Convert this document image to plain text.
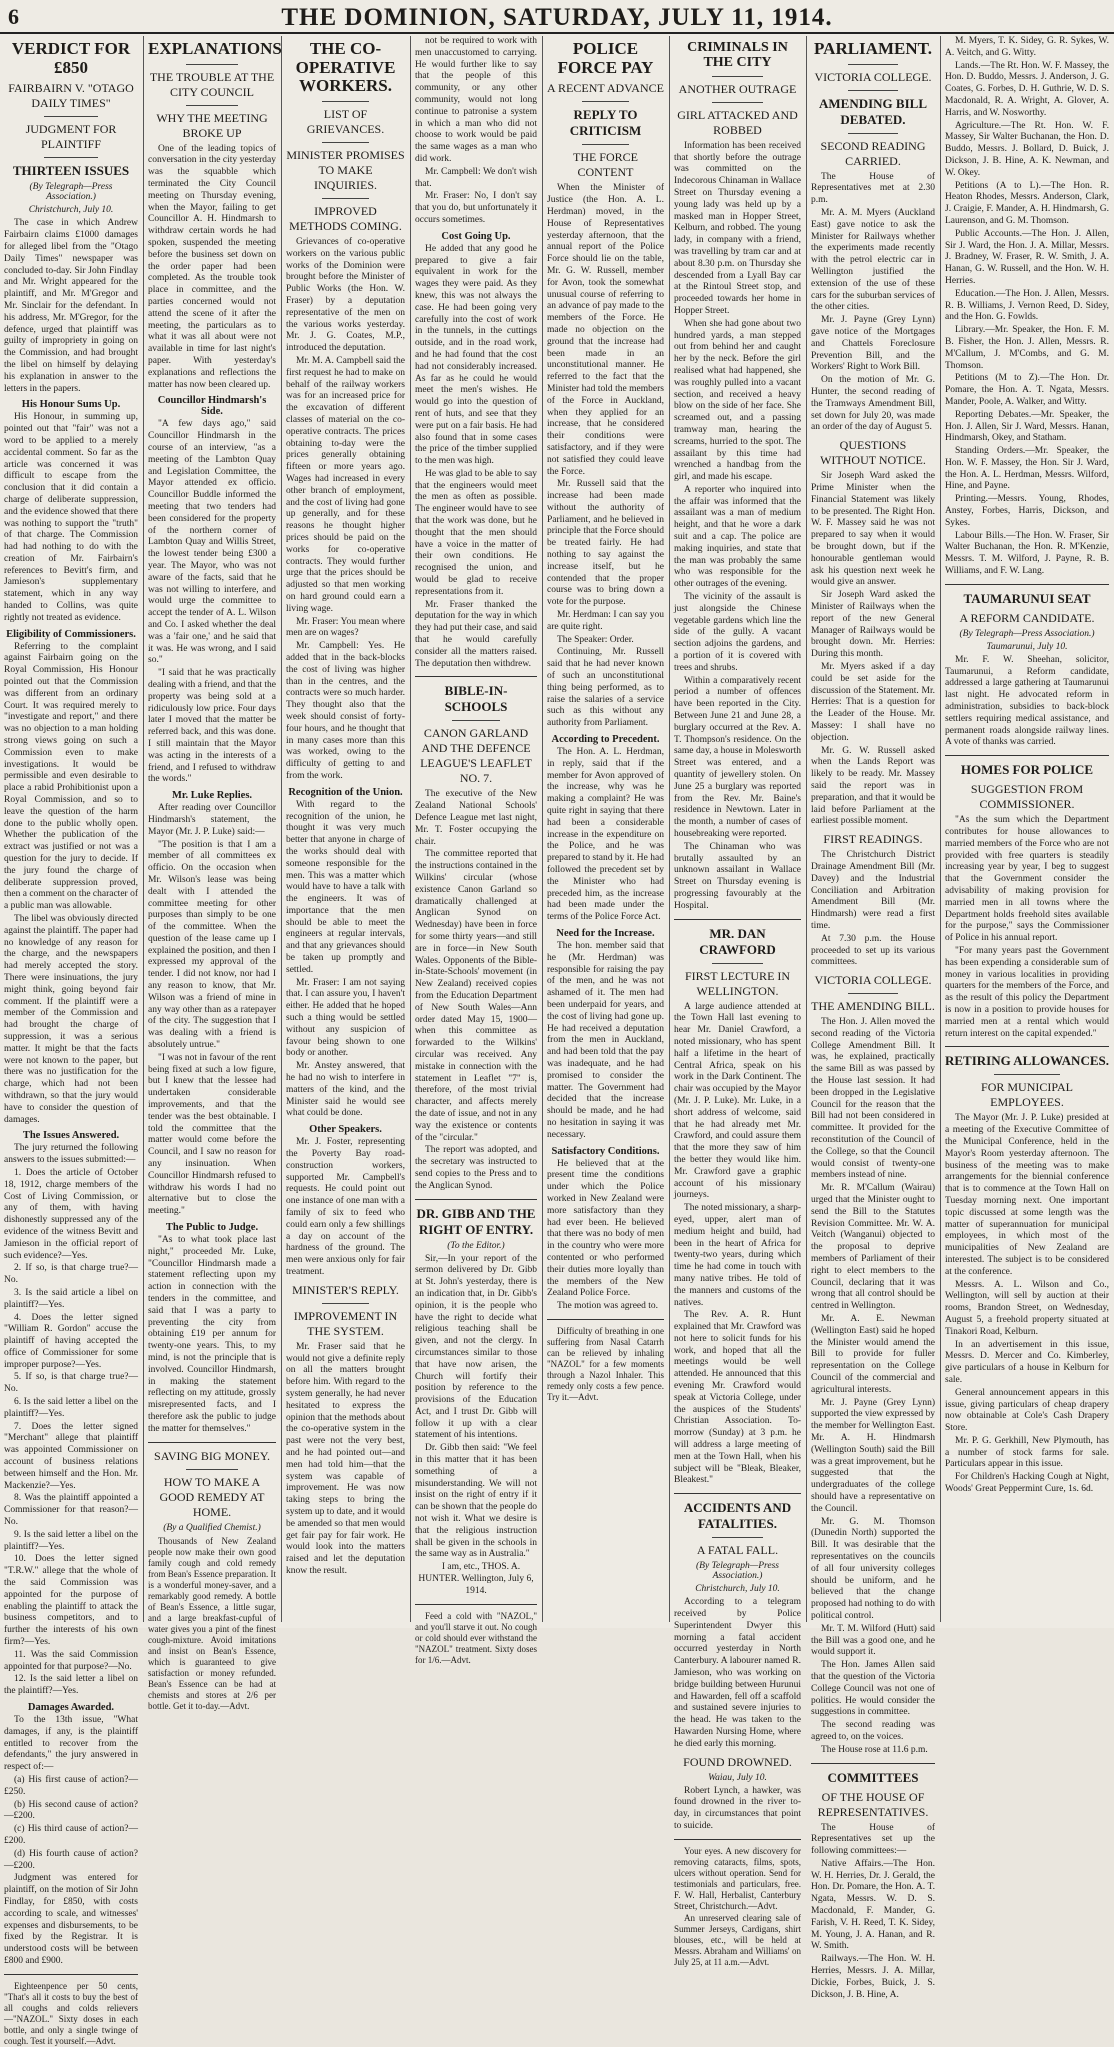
6	THE DOMINION, SATURDAY, JULY 11, 1914.
VERDICT FOR £850
FAIRBAIRN V. "OTAGO DAILY TIMES"
JUDGMENT FOR PLAINTIFF
THIRTEEN ISSUES
(By Telegraph—Press Association.)
Christchurch, July 10.

The case in which Andrew Fairbairn claims £1000 damages for alleged libel from the "Otago Daily Times" newspaper was concluded to-day. Sir John Findlay and Mr. Wright appeared for the plaintiff, and Mr. M'Gregor and Mr. Sinclair for the defendant. In his address, Mr. M'Gregor, for the defence, urged that plaintiff was guilty of impropriety in going on the Commission, and had brought the libel on himself by delaying his explanation in answer to the letters in the papers.

His Honour Sums Up.

His Honour, in summing up, pointed out that "fair" was not a word to be applied to a merely accidental comment. So far as the article was concerned it was difficult to escape from the conclusion that it did contain a charge of deliberate suppression, and the evidence showed that there was nothing to support the "truth" of that charge. The Commission had had nothing to do with the creation of Mr. Fairbairn's references to Bevitt's firm, and Jamieson's supplementary statement, which in any way handed to Collins, was quite rightly not treated as evidence.

Eligibility of Commissioners.

Referring to the complaint against Fairbairn going on the Royal Commission, His Honour pointed out that the Commission was different from an ordinary Court. It was required merely to "investigate and report," and there was no objection to a man holding strong views going on such a Commission even to make investigations. It would be permissible and even desirable to place a rabid Prohibitionist upon a Royal Commission, and so to leave the question of the harm done to the public wholly open. Whether the publication of the extract was justified or not was a question for the jury to decide. If the jury found the charge of deliberate suppression proved, then a comment on the character of a public man was allowable.

The libel was obviously directed against the plaintiff. The paper had no knowledge of any reason for the charge, and the newspapers had merely accepted the story. There were insinuations, the jury might think, going beyond fair comment. If the plaintiff were a member of the Commission and had brought the charge of suppression, it was a serious matter. It might be that the facts were not known to the paper, but there was no justification for the charge, which had not been withdrawn, so that the jury would have to consider the question of damages.

The Issues Answered.

The jury returned the following answers to the issues submitted:—

1. Does the article of October 18, 1912, charge members of the Cost of Living Commission, or any of them, with having dishonestly suppressed any of the evidence of the witness Bevitt and Jamieson in the official report of such evidence?—Yes.

2. If so, is that charge true?—No.

3. Is the said article a libel on plaintiff?—Yes.

4. Does the letter signed "William R. Gordon" accuse the plaintiff of having accepted the office of Commissioner for some improper purpose?—Yes.

5. If so, is that charge true?—No.

6. Is the said letter a libel on the plaintiff?—Yes.

7. Does the letter signed "Merchant" allege that plaintiff was appointed Commissioner on account of business relations between himself and the Hon. Mr. Mackenzie?—Yes.

8. Was the plaintiff appointed a Commissioner for that reason?—No.

9. Is the said letter a libel on the plaintiff?—Yes.

10. Does the letter signed "T.R.W." allege that the whole of the said Commission was appointed for the purpose of enabling the plaintiff to attack the business competitors, and to further the interests of his own firm?—Yes.

11. Was the said Commission appointed for that purpose?—No.

12. Is the said letter a libel on the plaintiff?—Yes.

Damages Awarded.

To the 13th issue, "What damages, if any, is the plaintiff entitled to recover from the defendants," the jury answered in respect of:—

(a) His first cause of action?—£250.

(b) His second cause of action?—£200.

(c) His third cause of action?—£200.

(d) His fourth cause of action?—£200.

Judgment was entered for plaintiff, on the motion of Sir John Findlay, for £850, with costs according to scale, and witnesses' expenses and disbursements, to be fixed by the Registrar. It is understood costs will be between £800 and £900.

Eighteenpence per 50 cents, "That's all it costs to buy the best of all coughs and colds relievers—"NAZOL." Sixty doses in each bottle, and only a single twinge of cough. Test it yourself.—Advt.

EXPLANATIONS
THE TROUBLE AT THE CITY COUNCIL
WHY THE MEETING BROKE UP

One of the leading topics of conversation in the city yesterday was the squabble which terminated the City Council meeting on Thursday evening, when the Mayor, failing to get Councillor A. H. Hindmarsh to withdraw certain words he had spoken, suspended the meeting before the business set down on the order paper had been completed. As the trouble took place in committee, and the parties concerned would not attend the scene of it after the meeting, the particulars as to what it was all about were not available in time for last night's paper. With yesterday's explanations and reflections the matter has now been cleared up.

Councillor Hindmarsh's Side.

"A few days ago," said Councillor Hindmarsh in the course of an interview, "as a meeting of the Lambton Quay and Legislation Committee, the Mayor attended ex officio. Councillor Buddle informed the meeting that two tenders had been considered for the property of the northern corner of Lambton Quay and Willis Street, the lowest tender being £300 a year. The Mayor, who was not aware of the facts, said that he was not willing to interfere, and would urge the committee to accept the tender of A. L. Wilson and Co. I asked whether the deal was a 'fair one,' and he said that it was. He was wrong, and I said so."

"I said that he was practically dealing with a friend, and that the property was being sold at a ridiculously low price. Four days later I moved that the matter be referred back, and this was done. I still maintain that the Mayor was acting in the interests of a friend, and I refused to withdraw the words."

Mr. Luke Replies.

After reading over Councillor Hindmarsh's statement, the Mayor (Mr. J. P. Luke) said:—

"The position is that I am a member of all committees ex officio. On the occasion when Mr. Wilson's lease was being dealt with I attended the committee meeting for other purposes than simply to be one of the committee. When the question of the lease came up I explained the position, and then I expressed my approval of the tender. I did not know, nor had I any reason to know, that Mr. Wilson was a friend of mine in any way other than as a ratepayer of the city. The suggestion that I was dealing with a friend is absolutely untrue."

"I was not in favour of the rent being fixed at such a low figure, but I knew that the lessee had undertaken considerable improvements, and that the tender was the best obtainable. I told the committee that the matter would come before the Council, and I saw no reason for any insinuation. When Councillor Hindmarsh refused to withdraw his words I had no alternative but to close the meeting."

The Public to Judge.

"As to what took place last night," proceeded Mr. Luke, "Councillor Hindmarsh made a statement reflecting upon my action in connection with the tenders in the committee, and said that I was a party to preventing the city from obtaining £19 per annum for twenty-one years. This, to my mind, is not the principle that is involved. Councillor Hindmarsh, in making the statement reflecting on my attitude, grossly misrepresented facts, and I therefore ask the public to judge the matter for themselves."

SAVING BIG MONEY.
HOW TO MAKE A GOOD REMEDY AT HOME.
(By a Qualified Chemist.)

Thousands of New Zealand people now make their own good family cough and cold remedy from Bean's Essence preparation. It is a wonderful money-saver, and a remarkably good remedy. A bottle of Bean's Essence, a little sugar, and a large breakfast-cupful of water gives you a pint of the finest cough-mixture. Avoid imitations and insist on Bean's Essence, which is guaranteed to give satisfaction or money refunded. Bean's Essence can be had at chemists and stores at 2/6 per bottle. Get it to-day.—Advt.

THE CO-OPERATIVE WORKERS.
LIST OF GRIEVANCES.
MINISTER PROMISES TO MAKE INQUIRIES.
IMPROVED METHODS COMING.

Grievances of co-operative workers on the various public works of the Dominion were brought before the Minister of Public Works (the Hon. W. Fraser) by a deputation representative of the men on the various works yesterday. Mr. J. G. Coates, M.P., introduced the deputation.

Mr. M. A. Campbell said the first request he had to make on behalf of the railway workers was for an increased price for the excavation of different classes of material on the co-operative contracts. The prices obtaining to-day were the prices generally obtaining fifteen or more years ago. Wages had increased in every other branch of employment, and the cost of living had gone up generally, and for these reasons he thought higher prices should be paid on the works for co-operative contracts. They would further urge that the prices should be adjusted so that men working on hard ground could earn a living wage.

Mr. Fraser: You mean where men are on wages?

Mr. Campbell: Yes. He added that in the back-blocks the cost of living was higher than in the centres, and the contracts were so much harder. They thought also that the week should consist of forty-four hours, and he thought that in many cases more than this was worked, owing to the difficulty of getting to and from the work.

Recognition of the Union.

With regard to the recognition of the union, he thought it was very much better that anyone in charge of the works should deal with someone responsible for the men. This was a matter which would have to have a talk with the engineers. It was of importance that the men should be able to meet the engineers at regular intervals, and that any grievances should be taken up promptly and settled.

Mr. Fraser: I am not saying that. I can assure you, I haven't either. He added that he hoped such a thing would be settled without any suspicion of favour being shown to one body or another.

Mr. Anstey answered, that he had no wish to interfere in matters of the kind, and the Minister said he would see what could be done.

Other Speakers.

Mr. J. Foster, representing the Poverty Bay road-construction workers, supported Mr. Campbell's requests. He could point out one instance of one man with a family of six to feed who could earn only a few shillings a day on account of the hardness of the ground. The men were anxious only for fair treatment.

MINISTER'S REPLY.
IMPROVEMENT IN THE SYSTEM.

Mr. Fraser said that he would not give a definite reply on all the matters brought before him. With regard to the system generally, he had never hesitated to express the opinion that the methods about the co-operative system in the past were not the very best, and he had pointed out—and men had told him—that the system was capable of improvement. He was now taking steps to bring the system up to date, and it would be amended so that men would get fair pay for fair work. He would look into the matters raised and let the deputation know the result.

not be required to work with men unaccustomed to carrying. He would further like to say that the people of this community, or any other community, would not long continue to patronise a system in which a man who did not choose to work would be paid the same wages as a man who did work.

Mr. Campbell: We don't wish that.

Mr. Fraser: No, I don't say that you do, but unfortunately it occurs sometimes.

Cost Going Up.

He added that any good he prepared to give a fair equivalent in work for the wages they were paid. As they knew, this was not always the case. He had been going very carefully into the cost of work in the tunnels, in the cuttings outside, and in the road work, and he had found that the cost had not considerably increased. As far as he could he would meet the men's wishes. He would go into the question of rent of huts, and see that they were put on a fair basis. He had also found that in some cases the price of the timber supplied to the men was high.

He was glad to be able to say that the engineers would meet the men as often as possible. The engineer would have to see that the work was done, but he thought that the men should have a voice in the matter of their own conditions. He recognised the union, and would be glad to receive representations from it.

Mr. Fraser thanked the deputation for the way in which they had put their case, and said that he would carefully consider all the matters raised. The deputation then withdrew.

BIBLE-IN-SCHOOLS
CANON GARLAND AND THE DEFENCE LEAGUE'S LEAFLET NO. 7.

The executive of the New Zealand National Schools' Defence League met last night, Mr. T. Foster occupying the chair.

The committee reported that the instructions contained in the Wilkins' circular (whose existence Canon Garland so dramatically challenged at Anglican Synod on Wednesday) have been in force for some thirty years—and still are in force—in New South Wales. Opponents of the Bible-in-State-Schools' movement (in New Zealand) received copies from the Education Department of New South Wales—Ann order dated May 15, 1900—when this committee as forwarded to the Wilkins' circular was received. Any mistake in connection with the statement in Leaflet "7" is, therefore, of the most trivial character, and affects merely the date of issue, and not in any way the existence or contents of the "circular."

The report was adopted, and the secretary was instructed to send copies to the Press and to the Anglican Synod.

DR. GIBB AND THE RIGHT OF ENTRY.
(To the Editor.)

Sir,—In your report of the sermon delivered by Dr. Gibb at St. John's yesterday, there is an indication that, in Dr. Gibb's opinion, it is the people who have the right to decide what religious teaching shall be given, and not the clergy. In circumstances similar to those that have now arisen, the Church will fortify their position by reference to the provisions of the Education Act, and I trust Dr. Gibb will follow it up with a clear statement of his intentions.

Dr. Gibb then said: "We feel in this matter that it has been something of a misunderstanding. We will not insist on the right of entry if it can be shown that the people do not wish it. What we desire is that the religious instruction shall be given in the schools in the same way as in Australia."

I am, etc., THOS. A. HUNTER. Wellington, July 6, 1914.

Feed a cold with "NAZOL," and you'll starve it out. No cough or cold should ever withstand the "NAZOL" treatment. Sixty doses for 1/6.—Advt.

POLICE FORCE PAY
A RECENT ADVANCE
REPLY TO CRITICISM
THE FORCE CONTENT

When the Minister of Justice (the Hon. A. L. Herdman) moved, in the House of Representatives yesterday afternoon, that the annual report of the Police Force should lie on the table, Mr. G. W. Russell, member for Avon, took the somewhat unusual course of referring to an advance of pay made to the members of the Force. He made no objection on the ground that the increase had been made in an unconstitutional manner. He referred to the fact that the Minister had told the members of the Force in Auckland, when they applied for an increase, that he considered their conditions were satisfactory, and if they were not satisfied they could leave the Force.

Mr. Russell said that the increase had been made without the authority of Parliament, and he believed in principle that the Force should be treated fairly. He had nothing to say against the increase itself, but he contended that the proper course was to bring down a vote for the purpose.

Mr. Herdman: I can say you are quite right.

The Speaker: Order.

Continuing, Mr. Russell said that he had never known of such an unconstitutional thing being performed, as to raise the salaries of a service such as this without any authority from Parliament.

According to Precedent.

The Hon. A. L. Herdman, in reply, said that if the member for Avon approved of the increase, why was he making a complaint? He was quite right in saying that there had been a considerable increase in the expenditure on the Police, and he was prepared to stand by it. He had followed the precedent set by the Minister who had preceded him, as the increase had been made under the terms of the Police Force Act.

Need for the Increase.

The hon. member said that he (Mr. Herdman) was responsible for raising the pay of the men, and he was not ashamed of it. The men had been underpaid for years, and the cost of living had gone up. He had received a deputation from the men in Auckland, and had been told that the pay was inadequate, and he had promised to consider the matter. The Government had decided that the increase should be made, and he had no hesitation in saying it was necessary.

Satisfactory Conditions.

He believed that at the present time the conditions under which the Police worked in New Zealand were more satisfactory than they had ever been. He believed that there was no body of men in the country who were more contented or who performed their duties more loyally than the members of the New Zealand Police Force.

The motion was agreed to.

Difficulty of breathing in one suffering from Nasal Catarrh can be relieved by inhaling "NAZOL" for a few moments through a Nazol Inhaler. This remedy only costs a few pence. Try it.—Advt.

CRIMINALS IN THE CITY
ANOTHER OUTRAGE
GIRL ATTACKED AND ROBBED

Information has been received that shortly before the outrage was committed on the Indecorous Chinaman in Wallace Street on Thursday evening a young lady was held up by a masked man in Hopper Street, Kelburn, and robbed. The young lady, in company with a friend, was travelling by tram car and at about 8.30 p.m. on Thursday she descended from a Lyall Bay car at the Rintoul Street stop, and proceeded towards her home in Hopper Street.

When she had gone about two hundred yards, a man stepped out from behind her and caught her by the neck. Before the girl realised what had happened, she was roughly pulled into a vacant section, and received a heavy blow on the side of her face. She screamed out, and a passing tramway man, hearing the screams, hurried to the spot. The assailant by this time had wrenched a handbag from the girl, and made his escape.

A reporter who inquired into the affair was informed that the assailant was a man of medium height, and that he wore a dark suit and a cap. The police are making inquiries, and state that the man was probably the same who was responsible for the other outrages of the evening.

The vicinity of the assault is just alongside the Chinese vegetable gardens which line the side of the gully. A vacant section adjoins the gardens, and a portion of it is covered with trees and shrubs.

Within a comparatively recent period a number of offences have been reported in the City. Between June 21 and June 28, a burglary occurred at the Rev. A. T. Thompson's residence. On the same day, a house in Molesworth Street was entered, and a quantity of jewellery stolen. On June 25 a burglary was reported from the Rev. Mr. Baine's residence in Newtown. Later in the month, a number of cases of housebreaking were reported.

The Chinaman who was brutally assaulted by an unknown assailant in Wallace Street on Thursday evening is progressing favourably at the Hospital.

MR. DAN CRAWFORD
FIRST LECTURE IN WELLINGTON.

A large audience attended at the Town Hall last evening to hear Mr. Daniel Crawford, a noted missionary, who has spent half a lifetime in the heart of Central Africa, speak on his work in the Dark Continent. The chair was occupied by the Mayor (Mr. J. P. Luke). Mr. Luke, in a short address of welcome, said that he had already met Mr. Crawford, and could assure them that the more they saw of him the better they would like him. Mr. Crawford gave a graphic account of his missionary journeys.

The noted missionary, a sharp-eyed, upper, alert man of medium height and build, had been in the heart of Africa for twenty-two years, during which time he had come in touch with many native tribes. He told of the manners and customs of the natives.

The Rev. A. R. Hunt explained that Mr. Crawford was not here to solicit funds for his work, and hoped that all the meetings would be well attended. He announced that this evening Mr. Crawford would speak at Victoria College, under the auspices of the Students' Christian Association. To-morrow (Sunday) at 3 p.m. he will address a large meeting of men at the Town Hall, when his subject will be "Bleak, Bleaker, Bleakest."

ACCIDENTS AND FATALITIES.
A FATAL FALL.
(By Telegraph—Press Association.)
Christchurch, July 10.

According to a telegram received by Police Superintendent Dwyer this morning a fatal accident occurred yesterday in North Canterbury. A labourer named R. Jamieson, who was working on bridge building between Hurunui and Hawarden, fell off a scaffold and sustained severe injuries to the head. He was taken to the Hawarden Nursing Home, where he died early this morning.

FOUND DROWNED.
Waiau, July 10.

Robert Lynch, a hawker, was found drowned in the river to-day, in circumstances that point to suicide.

Your eyes. A new discovery for removing cataracts, films, spots, ulcers without operation. Send for testimonials and particulars, free. F. W. Hall, Herbalist, Canterbury Street, Christchurch.—Advt.

An unreserved clearing sale of Summer Jerseys, Cardigans, shirt blouses, etc., will be held at Messrs. Abraham and Williams' on July 25, at 11 a.m.—Advt.

PARLIAMENT.
VICTORIA COLLEGE.
AMENDING BILL DEBATED.
SECOND READING CARRIED.

The House of Representatives met at 2.30 p.m.

Mr. A. M. Myers (Auckland East) gave notice to ask the Minister for Railways whether the experiments made recently with the petrol electric car in Wellington justified the extension of the use of these cars for the suburban services of the other cities.

Mr. J. Payne (Grey Lynn) gave notice of the Mortgages and Chattels Foreclosure Prevention Bill, and the Workers' Right to Work Bill.

On the motion of Mr. G. Hunter, the second reading of the Tramways Amendment Bill, set down for July 20, was made an order of the day of August 5.

QUESTIONS WITHOUT NOTICE.

Sir Joseph Ward asked the Prime Minister when the Financial Statement was likely to be presented. The Right Hon. W. F. Massey said he was not prepared to say when it would be brought down, but if the honourable gentleman would ask his question next week he would give an answer.

Sir Joseph Ward asked the Minister of Railways when the report of the new General Manager of Railways would be brought down. Mr. Herries: During this month.

Mr. Myers asked if a day could be set aside for the discussion of the Statement. Mr. Herries: That is a question for the Leader of the House. Mr. Massey: I shall have no objection.

Mr. G. W. Russell asked when the Lands Report was likely to be ready. Mr. Massey said the report was in preparation, and that it would be laid before Parliament at the earliest possible moment.

FIRST READINGS.

The Christchurch District Drainage Amendment Bill (Mr. Davey) and the Industrial Conciliation and Arbitration Amendment Bill (Mr. Hindmarsh) were read a first time.

At 7.30 p.m. the House proceeded to set up its various committees.

VICTORIA COLLEGE.
THE AMENDING BILL.

The Hon. J. Allen moved the second reading of the Victoria College Amendment Bill. It was, he explained, practically the same Bill as was passed by the House last session. It had been dropped in the Legislative Council for the reason that the Bill had not been considered in committee. It provided for the reconstitution of the Council of the College, so that the Council would consist of twenty-one members instead of nine.

Mr. R. M'Callum (Wairau) urged that the Minister ought to send the Bill to the Statutes Revision Committee. Mr. W. A. Veitch (Wanganui) objected to the proposal to deprive members of Parliament of their right to elect members to the Council, declaring that it was wrong that all control should be centred in Wellington.

Mr. A. E. Newman (Wellington East) said he hoped the Minister would amend the Bill to provide for fuller representation on the College Council of the commercial and agricultural interests.

Mr. J. Payne (Grey Lynn) supported the view expressed by the member for Wellington East. Mr. A. H. Hindmarsh (Wellington South) said the Bill was a great improvement, but he suggested that the undergraduates of the college should have a representative on the Council.

Mr. G. M. Thomson (Dunedin North) supported the Bill. It was desirable that the representatives on the councils of all four university colleges should be uniform, and he believed that the change proposed had nothing to do with political control.

Mr. T. M. Wilford (Hutt) said the Bill was a good one, and he would support it.

The Hon. James Allen said that the question of the Victoria College Council was not one of politics. He would consider the suggestions in committee.

The second reading was agreed to, on the voices.

The House rose at 11.6 p.m.

COMMITTEES
OF THE HOUSE OF REPRESENTATIVES.

The House of Representatives set up the following committees:—

Native Affairs.—The Hon. W. H. Herries, Dr. J. Gerald, the Hon. Dr. Pomare, the Hon. A. T. Ngata, Messrs. W. D. S. Macdonald, F. Mander, G. Farish, V. H. Reed, T. K. Sidey, M. Young, J. A. Hanan, and R. W. Smith.

Railways.—The Hon. W. H. Herries, Messrs. J. A. Millar, Dickie, Forbes, Buick, J. S. Dickson, J. B. Hine, A.

M. Myers, T. K. Sidey, G. R. Sykes, W. A. Veitch, and G. Witty.

Lands.—The Rt. Hon. W. F. Massey, the Hon. D. Buddo, Messrs. J. Anderson, J. G. Coates, G. Forbes, D. H. Guthrie, W. D. S. Macdonald, R. A. Wright, A. Glover, A. Harris, and W. Nosworthy.

Agriculture.—The Rt. Hon. W. F. Massey, Sir Walter Buchanan, the Hon. D. Buddo, Messrs. J. Bollard, D. Buick, J. Dickson, J. B. Hine, A. K. Newman, and W. Okey.

Petitions (A to L).—The Hon. R. Heaton Rhodes, Messrs. Anderson, Clark, J. Craigie, F. Mander, A. H. Hindmarsh, G. Laurenson, and G. M. Thomson.

Public Accounts.—The Hon. J. Allen, Sir J. Ward, the Hon. J. A. Millar, Messrs. J. Bradney, W. Fraser, R. W. Smith, J. A. Hanan, G. W. Russell, and the Hon. W. H. Herries.

Education.—The Hon. J. Allen, Messrs. R. B. Williams, J. Vernon Reed, D. Sidey, and the Hon. G. Fowlds.

Library.—Mr. Speaker, the Hon. F. M. B. Fisher, the Hon. J. Allen, Messrs. R. M'Callum, J. M'Combs, and G. M. Thomson.

Petitions (M to Z).—The Hon. Dr. Pomare, the Hon. A. T. Ngata, Messrs. Mander, Poole, A. Walker, and Witty.

Reporting Debates.—Mr. Speaker, the Hon. J. Allen, Sir J. Ward, Messrs. Hanan, Hindmarsh, Okey, and Statham.

Standing Orders.—Mr. Speaker, the Hon. W. F. Massey, the Hon. Sir J. Ward, the Hon. A. L. Herdman, Messrs. Wilford, Hine, and Payne.

Printing.—Messrs. Young, Rhodes, Anstey, Forbes, Harris, Dickson, and Sykes.

Labour Bills.—The Hon. W. Fraser, Sir Walter Buchanan, the Hon. R. M'Kenzie, Messrs. T. M. Wilford, J. Payne, R. B. Williams, and F. W. Lang.

TAUMARUNUI SEAT
A REFORM CANDIDATE.
(By Telegraph—Press Association.)
Taumarunui, July 10.

Mr. F. W. Sheehan, solicitor, Taumarunui, a Reform candidate, addressed a large gathering at Taumarunui last night. He advocated reform in administration, subsidies to back-block settlers requiring medical assistance, and permanent roads alongside railway lines. A vote of thanks was carried.

HOMES FOR POLICE
SUGGESTION FROM COMMISSIONER.

"As the sum which the Department contributes for house allowances to married members of the Force who are not provided with free quarters is steadily increasing year by year, I beg to suggest that the Government consider the advisability of making provision for married men in all towns where the Department holds freehold sites available for the purpose," says the Commissioner of Police in his annual report.

"For many years past the Government has been expending a considerable sum of money in various localities in providing quarters for the members of the Force, and as the result of this policy the Department is now in a position to provide houses for married men at a rental which would return interest on the capital expended."

RETIRING ALLOWANCES.
FOR MUNICIPAL EMPLOYEES.

The Mayor (Mr. J. P. Luke) presided at a meeting of the Executive Committee of the Municipal Conference, held in the Mayor's Room yesterday afternoon. The business of the meeting was to make arrangements for the biennial conference that is to commence at the Town Hall on Tuesday morning next. One important topic discussed at some length was the matter of superannuation for municipal employees, in which most of the municipalities of New Zealand are interested. The subject is to be considered at the conference.

Messrs. A. L. Wilson and Co., Wellington, will sell by auction at their rooms, Brandon Street, on Wednesday, August 5, a freehold property situated at Tinakori Road, Kelburn.

In an advertisement in this issue, Messrs. D. Mercer and Co. Kimberley, give particulars of a house in Kelburn for sale.

General announcement appears in this issue, giving particulars of cheap drapery now obtainable at Cole's Cash Drapery Store.

Mr. P. G. Gerkhill, New Plymouth, has a number of stock farms for sale. Particulars appear in this issue.

For Children's Hacking Cough at Night, Woods' Great Peppermint Cure, 1s. 6d.
